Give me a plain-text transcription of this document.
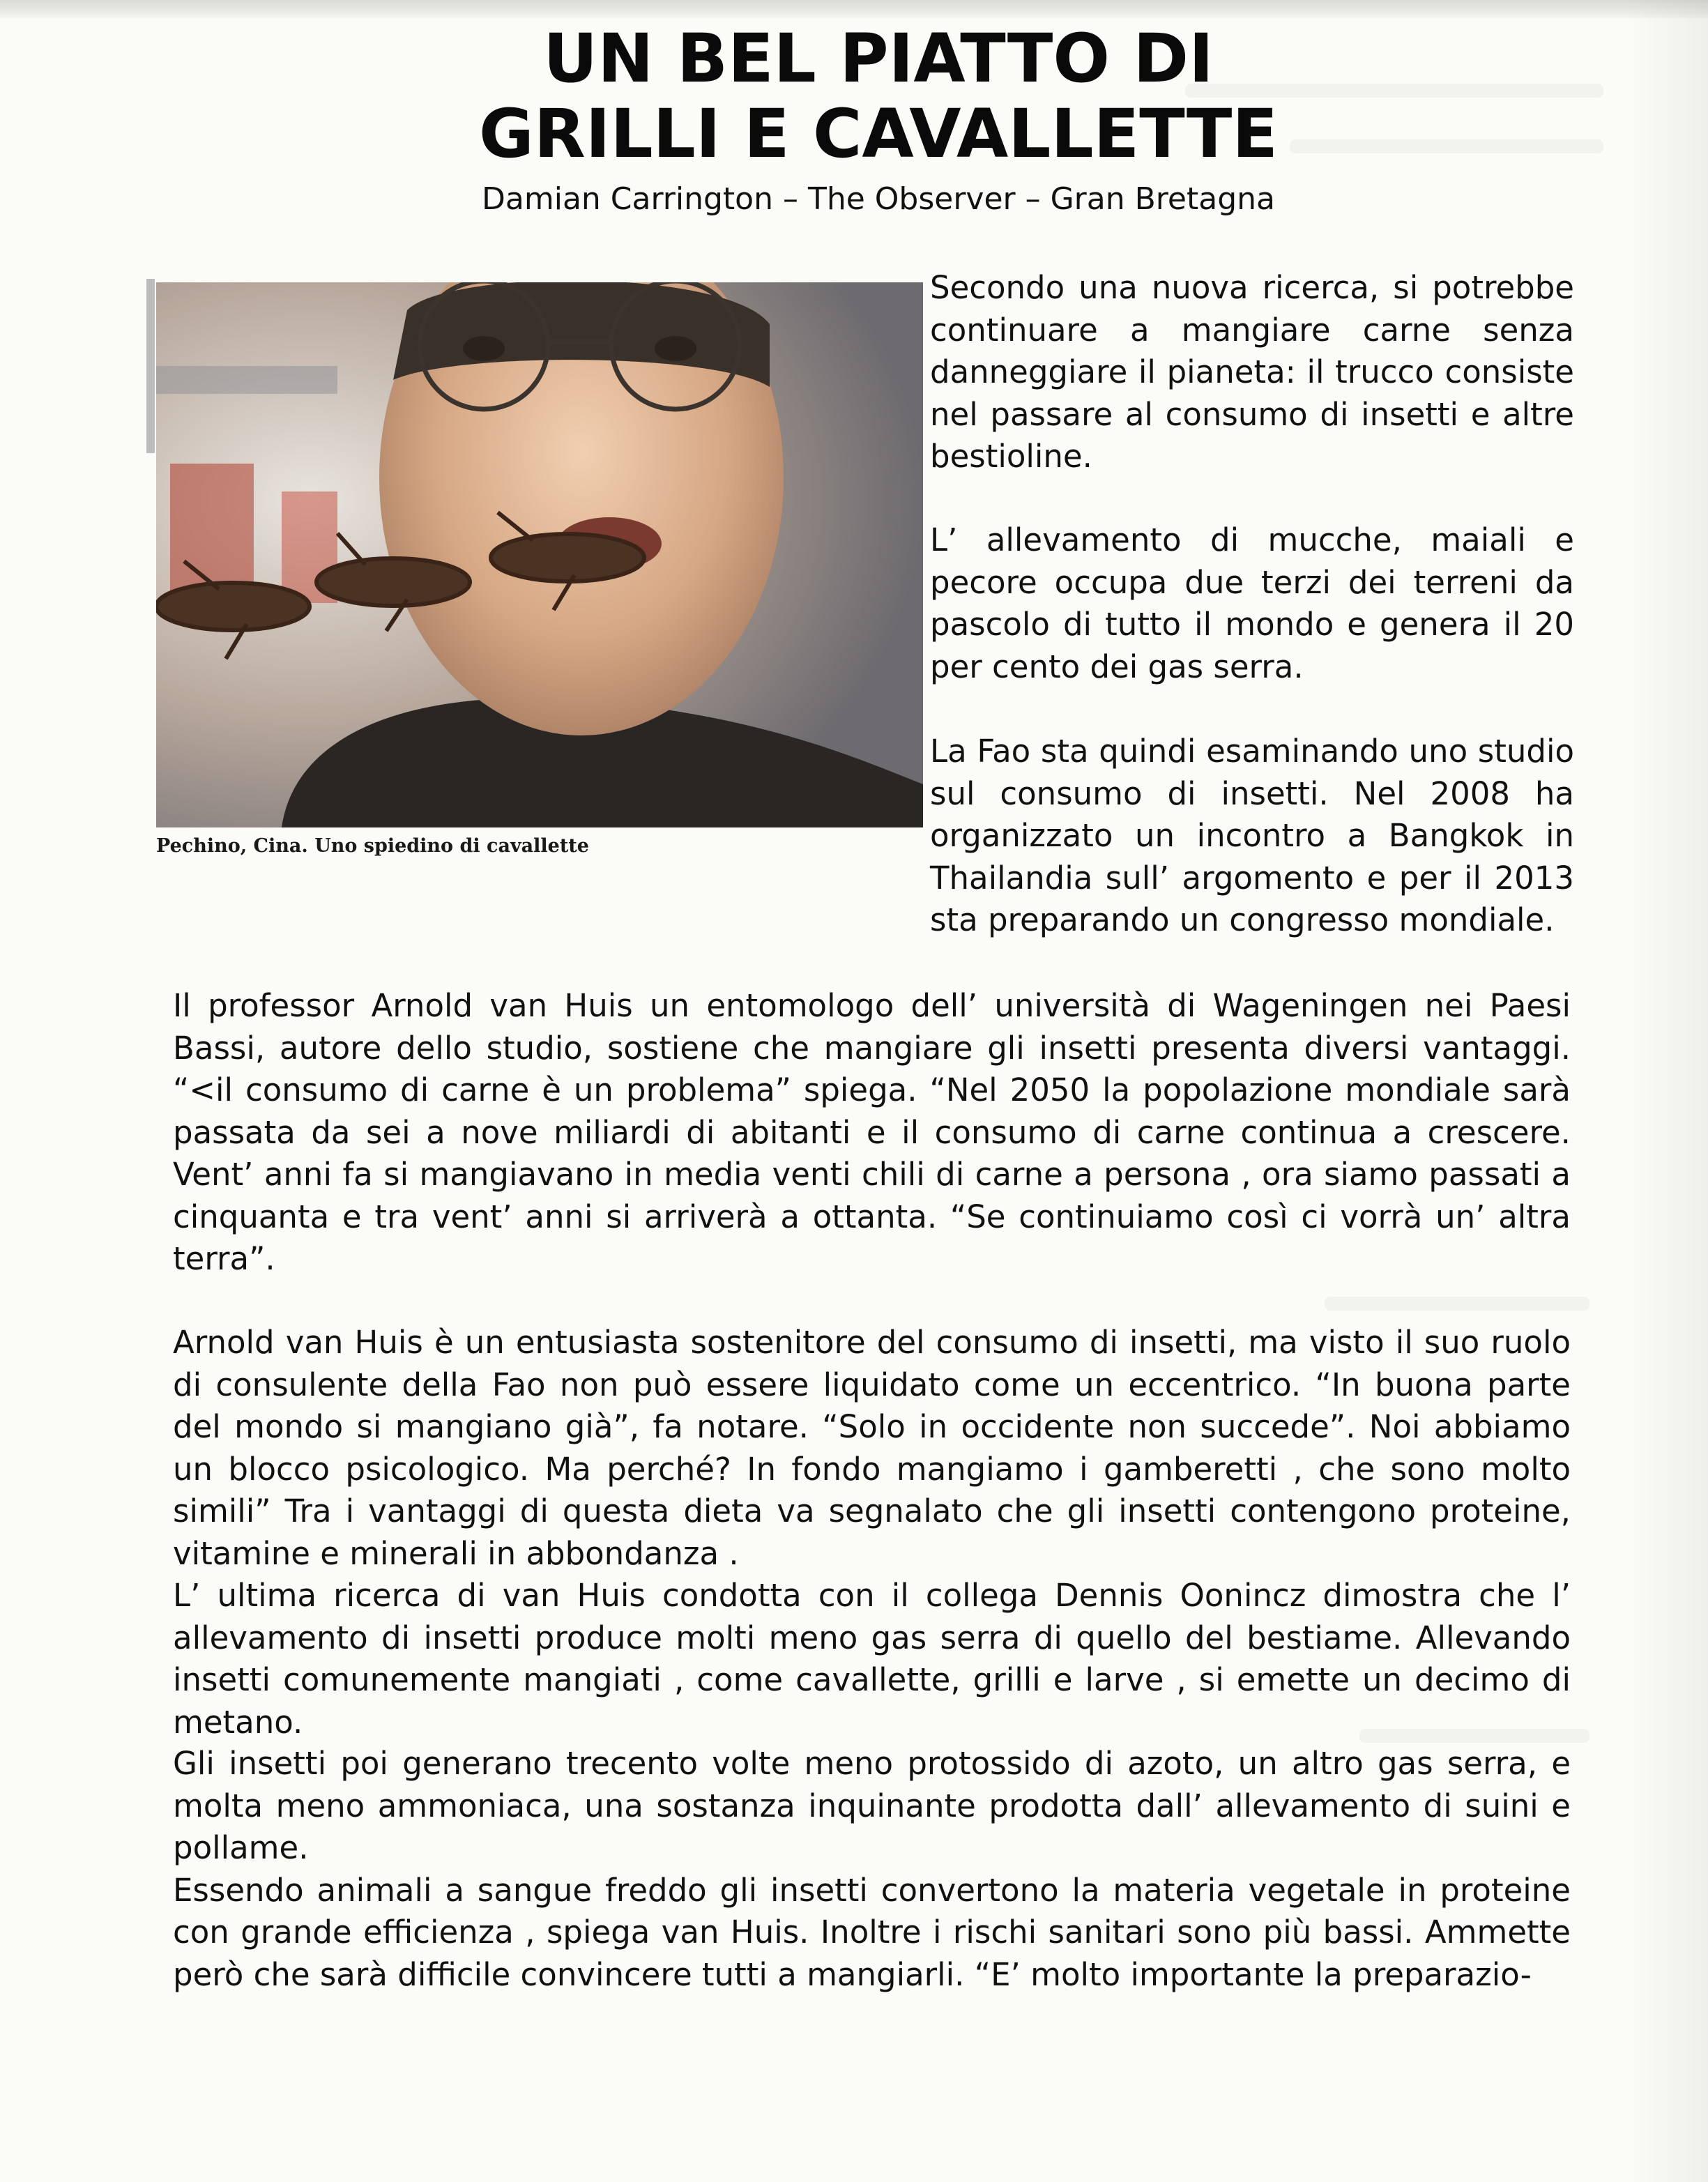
UN BEL PIATTO DI
GRILLI E CAVALLETTE
Damian Carrington – The Observer – Gran Bretagna
Pechino, Cina. Uno spiedino di cavallette

Secondo una nuova ricerca, si potrebbe continuare a mangiare carne senza danneggiare il pianeta: il trucco consiste nel passare al consumo di insetti e altre bestioline.

L’ allevamento di mucche, maiali e pecore occupa due terzi dei terreni da pascolo di tutto il mondo e genera il 20 per cento dei gas serra.

La Fao sta quindi esaminando uno studio sul consumo di insetti. Nel 2008 ha organizzato un incontro a Bangkok in Thailandia sull’ argomento e per il 2013 sta preparando un congresso mondiale.

Il professor Arnold van Huis un entomologo dell’ università di Wageningen nei Paesi Bassi, autore dello studio, sostiene che mangiare gli insetti presenta diversi vantaggi. “<il consumo di carne è un problema” spiega. “Nel 2050 la popolazione mondiale sarà passata da sei a nove miliardi di abitanti e il consumo di carne continua a crescere. Vent’ anni fa si mangiavano in media venti chili di carne a persona , ora siamo passati a cinquanta e tra vent’ anni si arriverà a ottanta. “Se continuiamo così ci vorrà un’ altra terra”.

Arnold van Huis è un entusiasta sostenitore del consumo di insetti, ma visto il suo ruolo di consulente della Fao non può essere liquidato come un eccentrico. “In buona parte del mondo si mangiano già”, fa notare. “Solo in occidente non succede”. Noi abbiamo un blocco psicologico. Ma perché? In fondo mangiamo i gamberetti , che sono molto simili” Tra i vantaggi di questa dieta va segnalato che gli insetti contengono proteine, vitamine e minerali in abbondanza .

L’ ultima ricerca di van Huis condotta con il collega Dennis Oonincz dimostra che l’ allevamento di insetti produce molti meno gas serra di quello del bestiame. Allevando insetti comunemente mangiati , come cavallette, grilli e larve , si emette un decimo di metano.

Gli insetti poi generano trecento volte meno protossido di azoto, un altro gas serra, e molta meno ammoniaca, una sostanza inquinante prodotta dall’ allevamento di suini e pollame.

Essendo animali a sangue freddo gli insetti convertono la materia vegetale in proteine con grande efficienza , spiega van Huis. Inoltre i rischi sanitari sono più bassi. Ammette però che sarà difficile convincere tutti a mangiarli. “E’ molto importante la preparazio-
